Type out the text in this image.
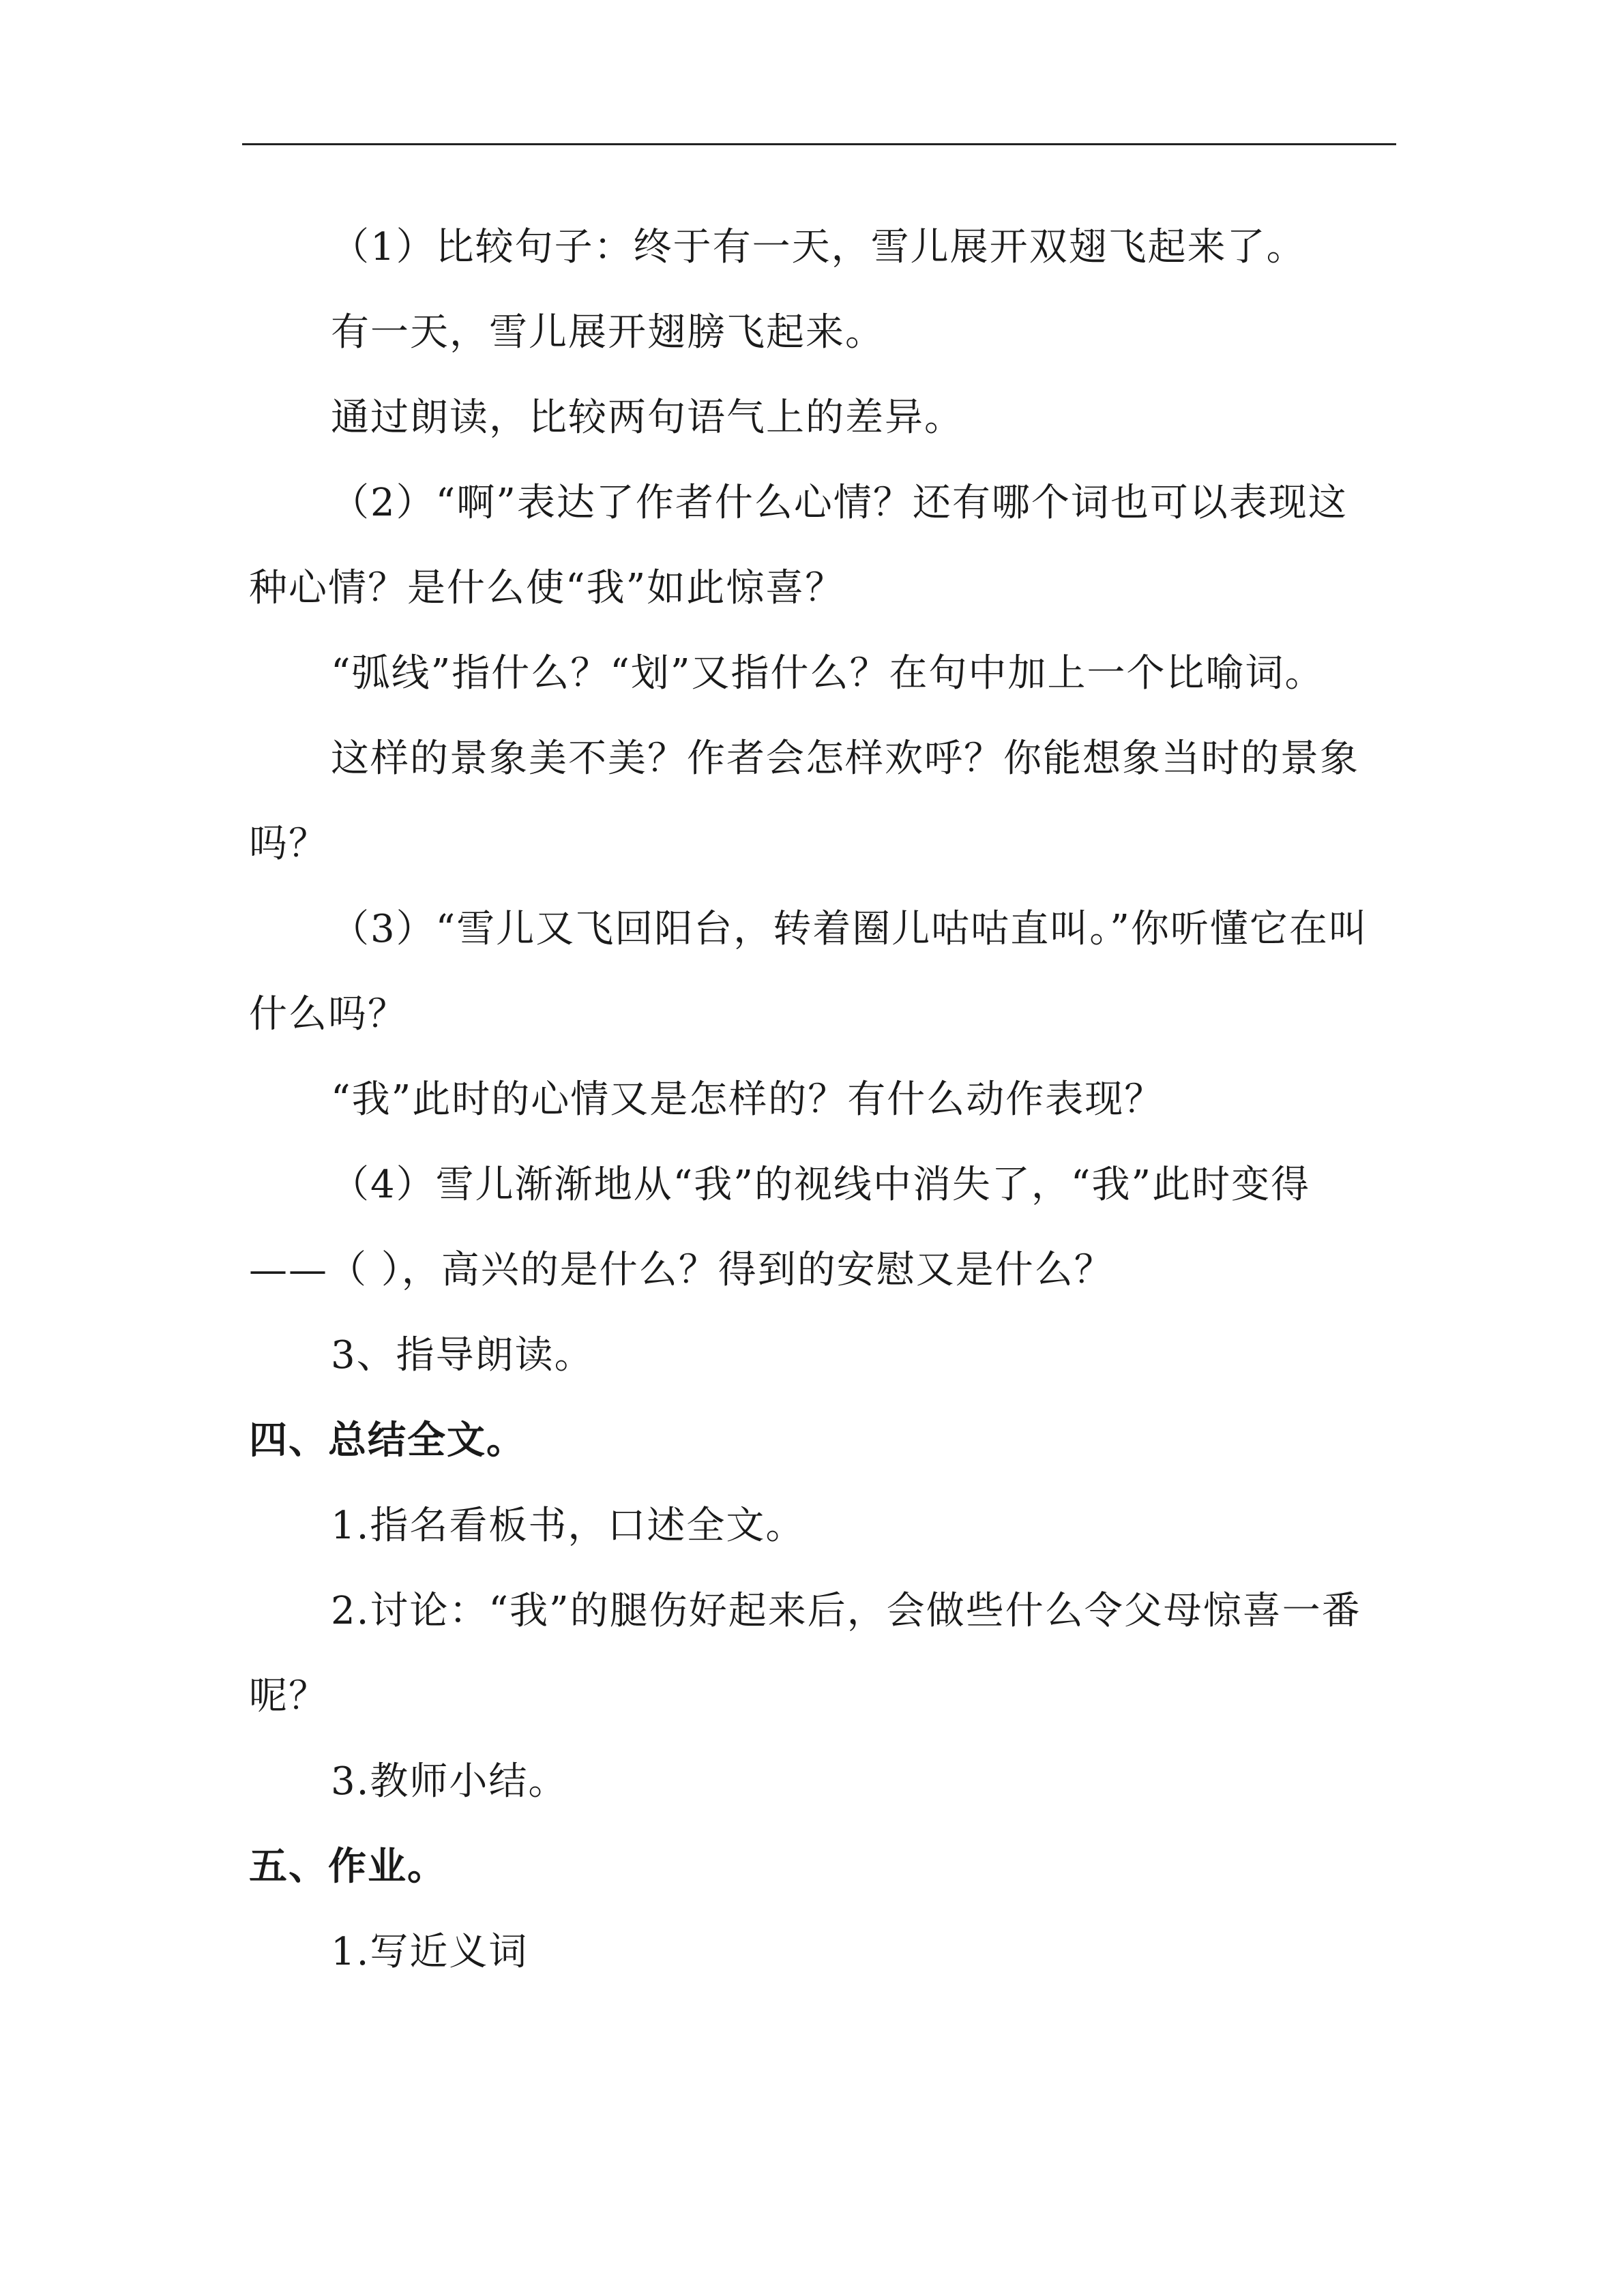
（1）比较句子：终于有一天，雪儿展开双翅飞起来了。

有一天，雪儿展开翅膀飞起来。

通过朗读，比较两句语气上的差异。

（2）“啊”表达了作者什么心情？还有哪个词也可以表现这种心情？是什么使“我”如此惊喜？

“弧线”指什么？“划”又指什么？在句中加上一个比喻词。

这样的景象美不美？作者会怎样欢呼？你能想象当时的景象吗？

（3）“雪儿又飞回阳台，转着圈儿咕咕直叫。”你听懂它在叫什么吗？

“我”此时的心情又是怎样的？有什么动作表现？

（4）雪儿渐渐地从“我”的视线中消失了，“我”此时变得——（ ），高兴的是什么？得到的安慰又是什么？

3、指导朗读。

四、总结全文。

1.指名看板书，口述全文。

2.讨论：“我”的腿伤好起来后，会做些什么令父母惊喜一番呢？

3.教师小结。

五、作业。

1.写近义词
